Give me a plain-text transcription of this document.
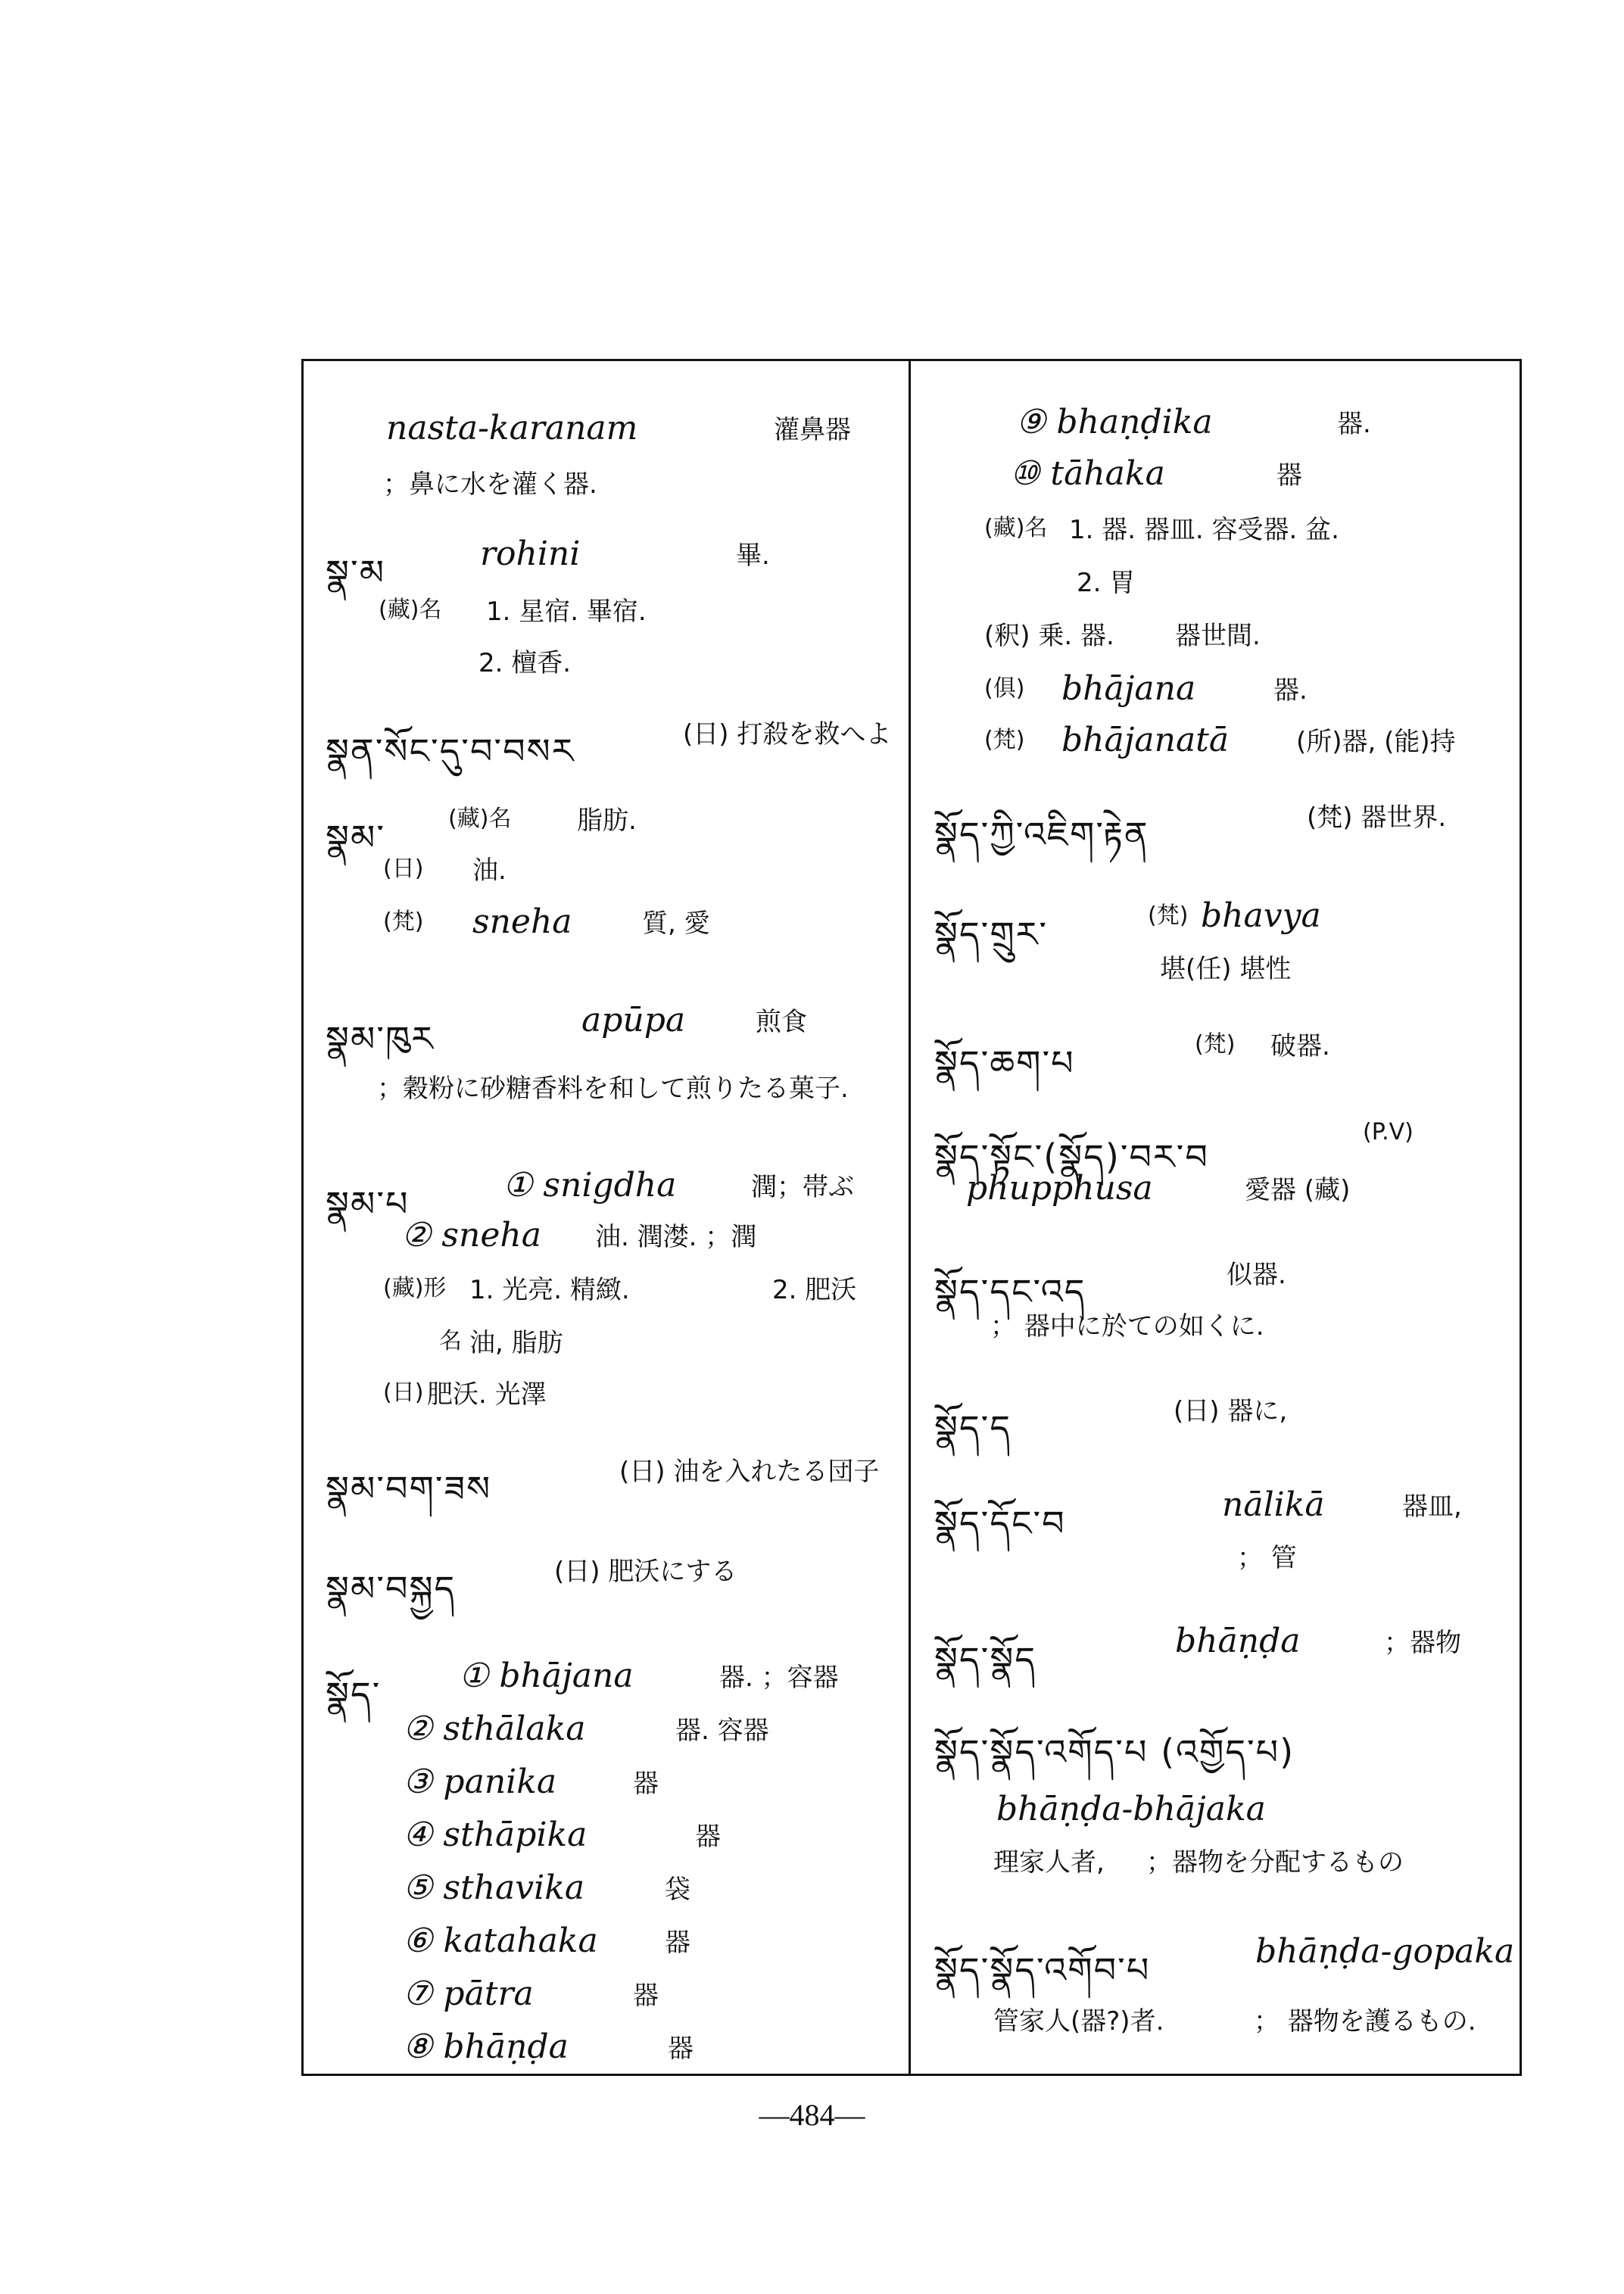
nasta-karanam	灌鼻器
；鼻に水を灌く器.
སྣ་མ	rohini	畢.
(藏)名 1. 星宿. 畢宿.
2. 檀香.
སྣན་སོང་དུ་བ་བསར	(日) 打殺を救へよ
སྣམ་	(藏)名	脂肪.
(日) 油.
(梵) sneha	質, 愛
སྣམ་ཁུར	apūpa	煎食
；穀粉に砂糖香料を和して煎りたる菓子.
སྣམ་པ	① snigdha	潤；帯ぶ
② sneha 油. 潤漤. ；潤
(藏)形 1. 光亮. 精緻.	2. 肥沃
名 油, 脂肪
(日) 肥沃. 光澤
སྣམ་བག་ཟས	(日) 油を入れたる団子
སྣམ་བསྐྱད	(日) 肥沃にする
སྣོད་ ① bhājana	器. ；容器
② sthālaka	器. 容器
③ panika	器
④ sthāpika	器
⑤ sthavika	袋
⑥ katahaka	器
⑦ pātra	器
⑧ bhāṇḍa	器
⑨ bhaṇḍika	器.
⑩ tāhaka	器
(藏)名 1. 器. 器皿. 容受器. 盆.
2. 胃
(釈) 乗. 器. 器世間.
(俱) bhājana	器.
(梵) bhājanatā	(所)器, (能)持
སྣོད་ཀྱི་འཇིག་རྟེན	(梵) 器世界.
སྣོད་གྲུར་	(梵) bhavya
堪(任) 堪性
སྣོད་ཆག་པ	(梵) 破器.
སྣོད་སྟོང་(སྣོད)་བར་བ
(P.V)
phupphusa	愛器 (藏)
སྣོད་དང་འད	似器.
； 器中に於ての如くに.
སྣོད་ད	(日) 器に,
སྣོད་དོང་བ	nālikā	器皿,
； 管
སྣོད་སྣོད	bhāṇḍa	；器物
སྣོད་སྣོད་འགོད་པ (འགྱོད་པ)
bhāṇḍa-bhājaka
理家人者, ；器物を分配するもの
སྣོད་སྣོད་འགོབ་པ	bhāṇḍa-gopaka
管家人(器?)者.	； 器物を護るもの.
—484—
